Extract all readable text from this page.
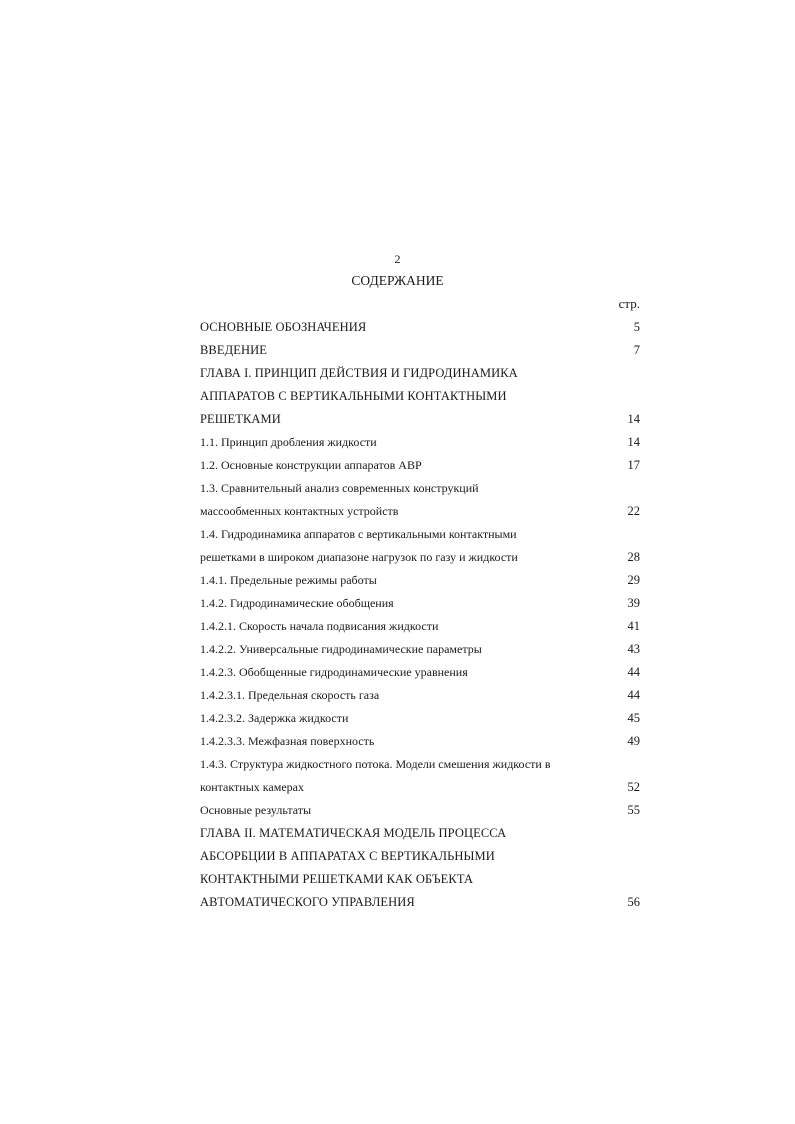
2
СОДЕРЖАНИЕ
стр.
ОСНОВНЫЕ ОБОЗНАЧЕНИЯ	5
ВВЕДЕНИЕ	7
ГЛАВА I. ПРИНЦИП ДЕЙСТВИЯ И ГИДРОДИНАМИКА
АППАРАТОВ С ВЕРТИКАЛЬНЫМИ КОНТАКТНЫМИ
РЕШЕТКАМИ	14
1.1. Принцип дробления жидкости	14
1.2. Основные конструкции аппаратов АВР	17
1.3. Сравнительный анализ современных конструкций
массообменных контактных устройств	22
1.4. Гидродинамика аппаратов с вертикальными контактными
решетками в широком диапазоне нагрузок по газу и жидкости	28
1.4.1. Предельные режимы работы	29
1.4.2. Гидродинамические обобщения	39
1.4.2.1. Скорость начала подвисания жидкости	41
1.4.2.2. Универсальные гидродинамические параметры	43
1.4.2.3. Обобщенные гидродинамические уравнения	44
1.4.2.3.1. Предельная скорость газа	44
1.4.2.3.2. Задержка жидкости	45
1.4.2.3.3. Межфазная поверхность	49
1.4.3. Структура жидкостного потока. Модели смешения жидкости в
контактных камерах	52
Основные результаты	55
ГЛАВА II. МАТЕМАТИЧЕСКАЯ МОДЕЛЬ ПРОЦЕССА
АБСОРБЦИИ В АППАРАТАХ С ВЕРТИКАЛЬНЫМИ
КОНТАКТНЫМИ РЕШЕТКАМИ КАК ОБЪЕКТА
АВТОМАТИЧЕСКОГО УПРАВЛЕНИЯ	56
